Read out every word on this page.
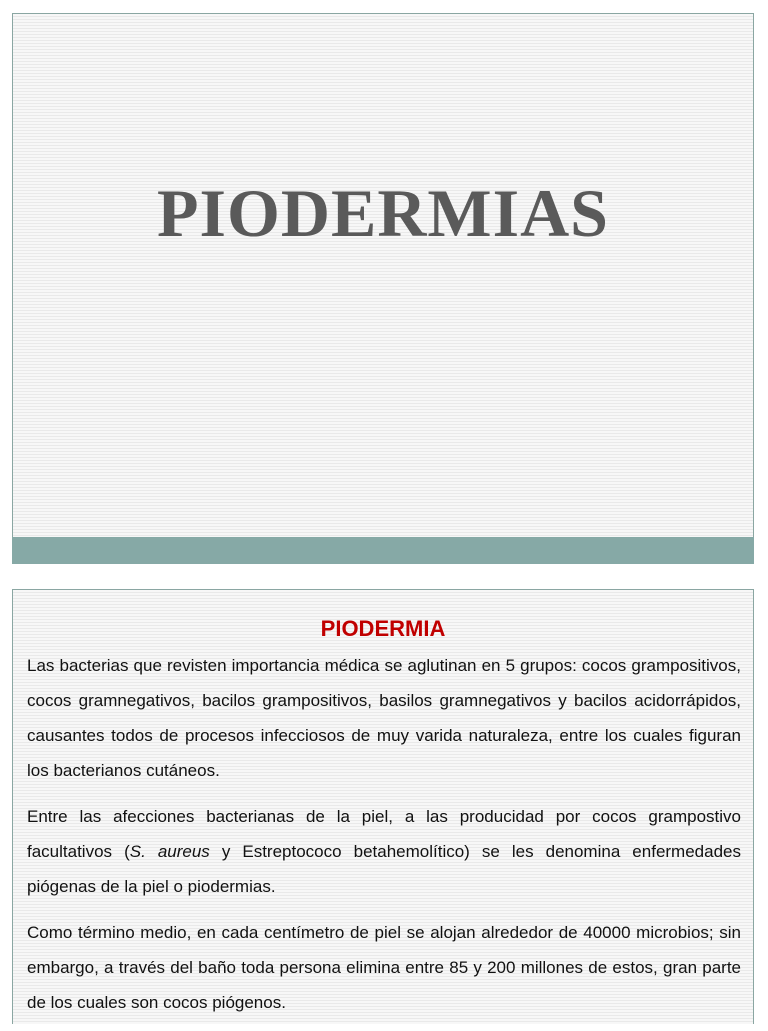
PIODERMIAS
PIODERMIA

Las bacterias que revisten importancia médica se aglutinan en 5 grupos: cocos grampositivos, cocos gramnegativos, bacilos grampositivos, basilos gramnegativos y bacilos acidorrápidos, causantes todos de procesos infecciosos de muy varida naturaleza, entre los cuales figuran los bacterianos cutáneos.

Entre las afecciones bacterianas de la piel, a las producidad por cocos grampostivo facultativos (S. aureus y Estreptococo betahemolítico) se les denomina enfermedades piógenas de la piel o piodermias.

Como término medio, en cada centímetro de piel se alojan alrededor de 40000 microbios; sin embargo, a través del baño toda persona elimina entre 85 y 200 millones de estos, gran parte de los cuales son cocos piógenos.
